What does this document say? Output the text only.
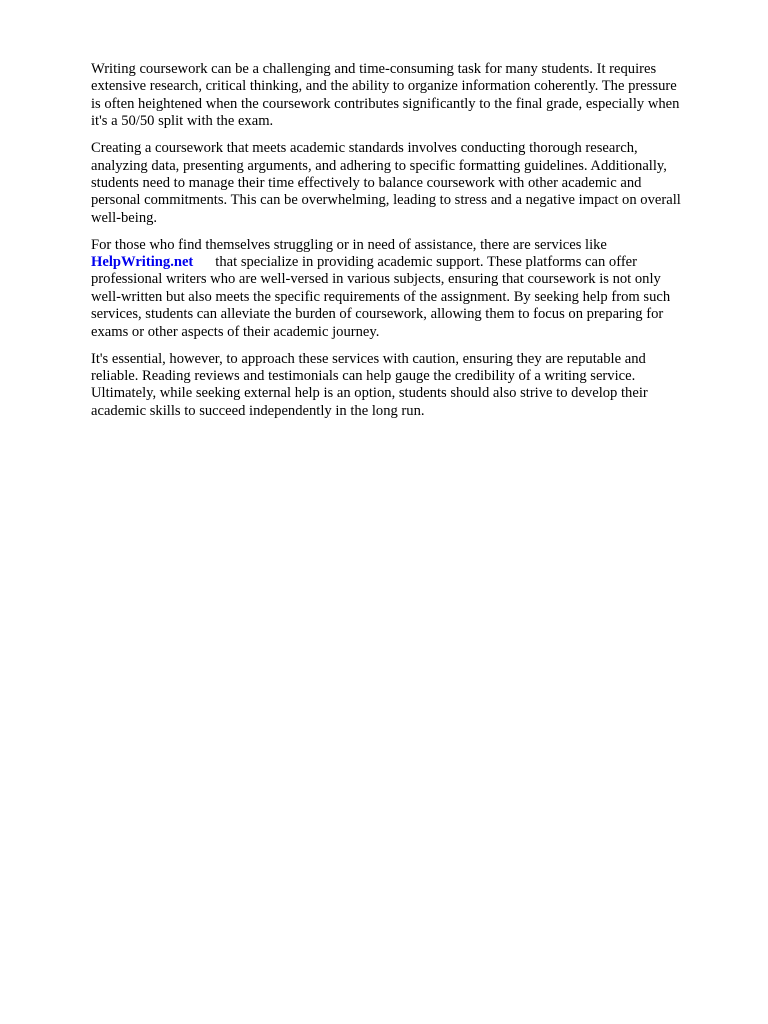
Writing coursework can be a challenging and time-consuming task for many students. It requires
extensive research, critical thinking, and the ability to organize information coherently. The pressure
is often heightened when the coursework contributes significantly to the final grade, especially when
it's a 50/50 split with the exam.

Creating a coursework that meets academic standards involves conducting thorough research,
analyzing data, presenting arguments, and adhering to specific formatting guidelines. Additionally,
students need to manage their time effectively to balance coursework with other academic and
personal commitments. This can be overwhelming, leading to stress and a negative impact on overall
well-being.

For those who find themselves struggling or in need of assistance, there are services like
HelpWriting.net that specialize in providing academic support. These platforms can offer
professional writers who are well-versed in various subjects, ensuring that coursework is not only
well-written but also meets the specific requirements of the assignment. By seeking help from such
services, students can alleviate the burden of coursework, allowing them to focus on preparing for
exams or other aspects of their academic journey.

It's essential, however, to approach these services with caution, ensuring they are reputable and
reliable. Reading reviews and testimonials can help gauge the credibility of a writing service.
Ultimately, while seeking external help is an option, students should also strive to develop their
academic skills to succeed independently in the long run.
